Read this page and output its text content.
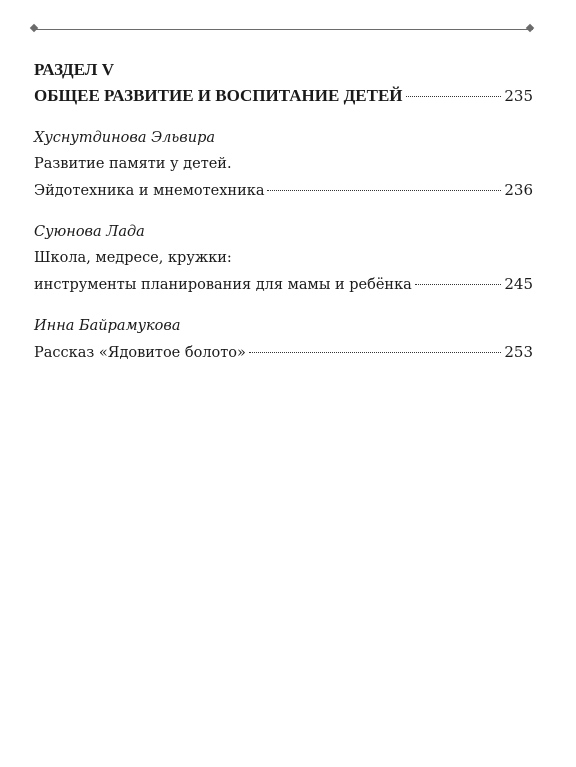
РАЗДЕЛ V
ОБЩЕЕ РАЗВИТИЕ И ВОСПИТАНИЕ ДЕТЕЙ	235
Хуснутдинова Эльвира
Развитие памяти у детей.
Эйдотехника и мнемотехника	236
Суюнова Лада
Школа, медресе, кружки:
инструменты планирования для мамы и ребёнка	245
Инна Байрамукова
Рассказ «Ядовитое болото»	253
